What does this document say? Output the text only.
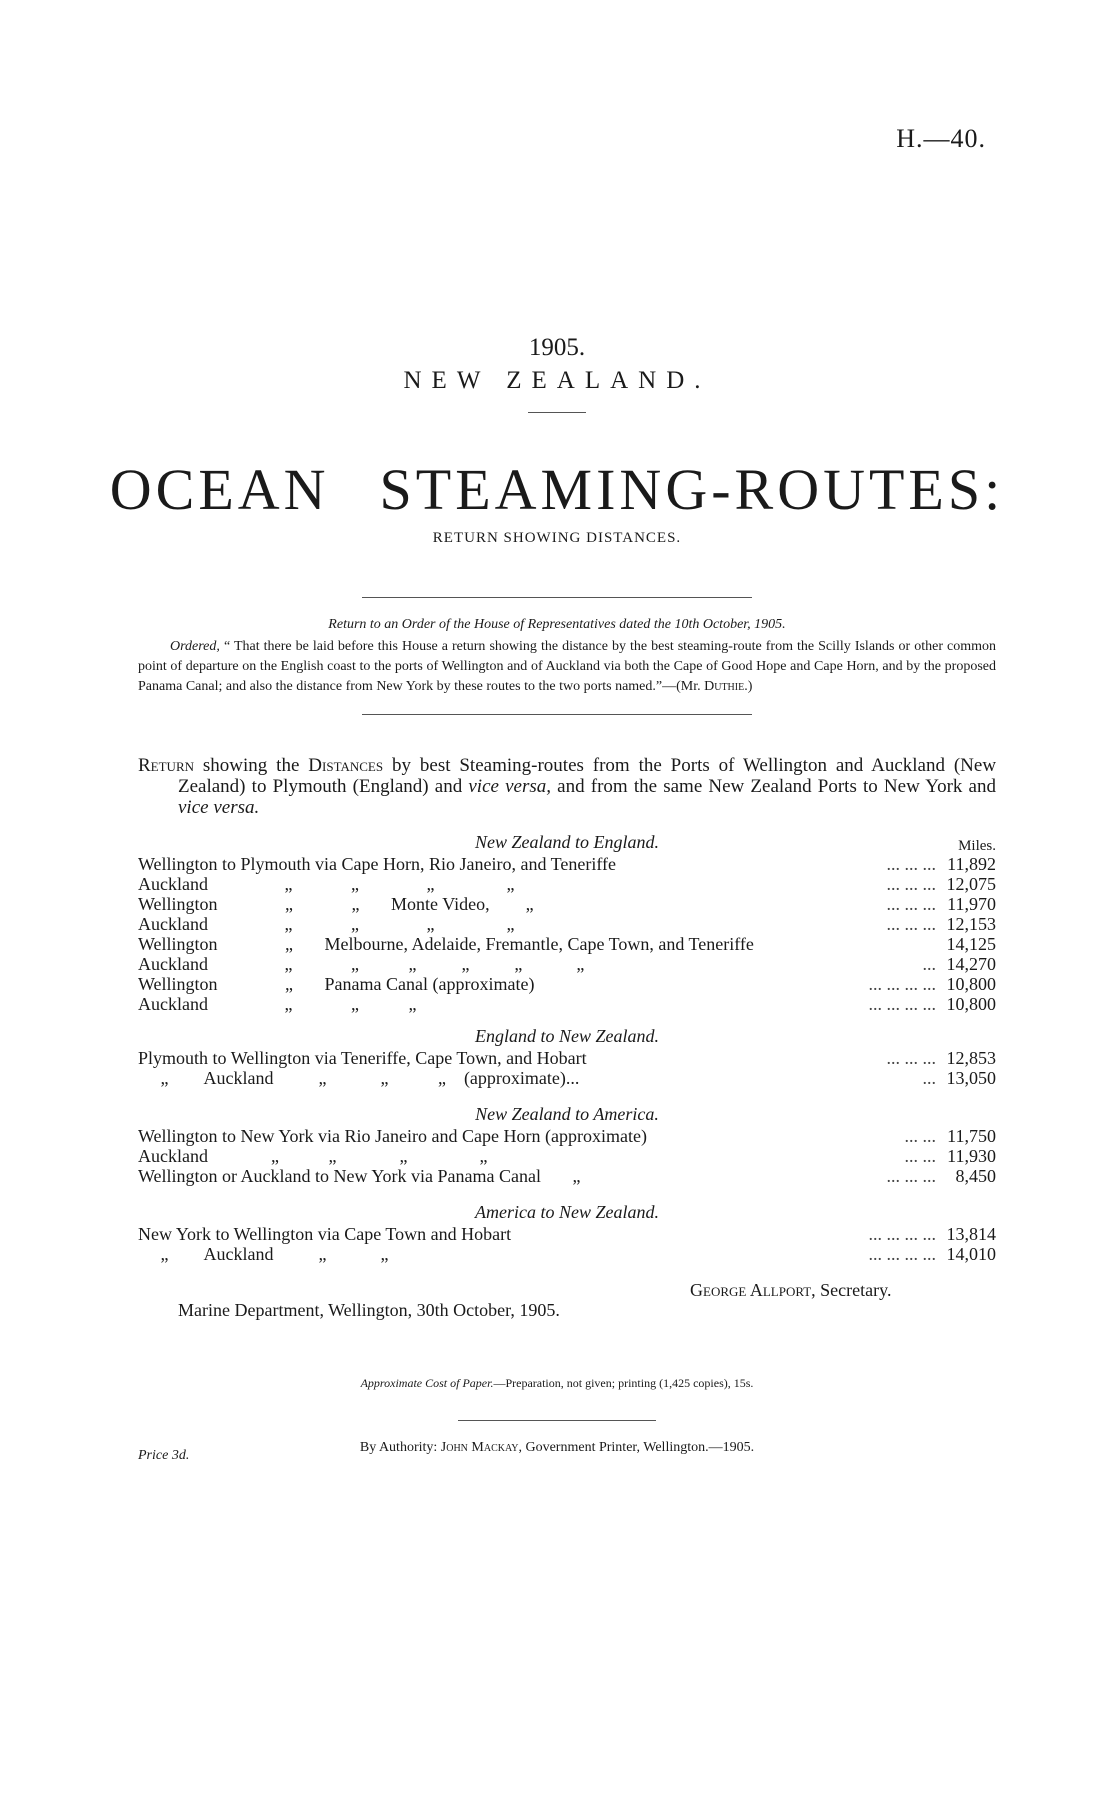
H.—40.
1905.
NEW ZEALAND.
OCEAN STEAMING-ROUTES:
RETURN SHOWING DISTANCES.
Return to an Order of the House of Representatives dated the 10th October, 1905.
Ordered, “ That there be laid before this House a return showing the distance by the best steaming-route from the Scilly Islands or other common point of departure on the English coast to the ports of Wellington and of Auckland via both the Cape of Good Hope and Cape Horn, and by the proposed Panama Canal; and also the distance from New York by these routes to the two ports named.”—(Mr. Duthie.)
Return showing the Distances by best Steaming-routes from the Ports of Wellington and Auckland (New Zealand) to Plymouth (England) and vice versa, and from the same New Zealand Ports to New York and vice versa.
Miles.
New Zealand to England.
Wellington to Plymouth via Cape Horn, Rio Janeiro, and Teneriffe	... ... ... 11,892
Auckland                 „             „               „                „	... ... ... 12,075
Wellington               „             „       Monte Video,        „	... ... ... 11,970
Auckland                 „             „               „                „	... ... ... 12,153
Wellington               „       Melbourne, Adelaide, Fremantle, Cape Town, and Teneriffe	14,125
Auckland                 „             „           „          „          „            „	... 14,270
Wellington               „       Panama Canal (approximate)	... ... ... ... 10,800
Auckland                 „             „           „	... ... ... ... 10,800
England to New Zealand.
Plymouth to Wellington via Teneriffe, Cape Town, and Hobart	... ... ... 12,853
„        Auckland          „            „           „    (approximate)...	... 13,050
New Zealand to America.
Wellington to New York via Rio Janeiro and Cape Horn (approximate)	... ... 11,750
Auckland              „           „              „                „	... ... 11,930
Wellington or Auckland to New York via Panama Canal       „	... ... ...	8,450
America to New Zealand.
New York to Wellington via Cape Town and Hobart	... ... ... ... 13,814
„        Auckland          „            „	... ... ... ... 14,010
George Allport, Secretary.
Marine Department, Wellington, 30th October, 1905.
Approximate Cost of Paper.—Preparation, not given; printing (1,425 copies), 15s.
By Authority: John Mackay, Government Printer, Wellington.—1905.
Price 3d.
